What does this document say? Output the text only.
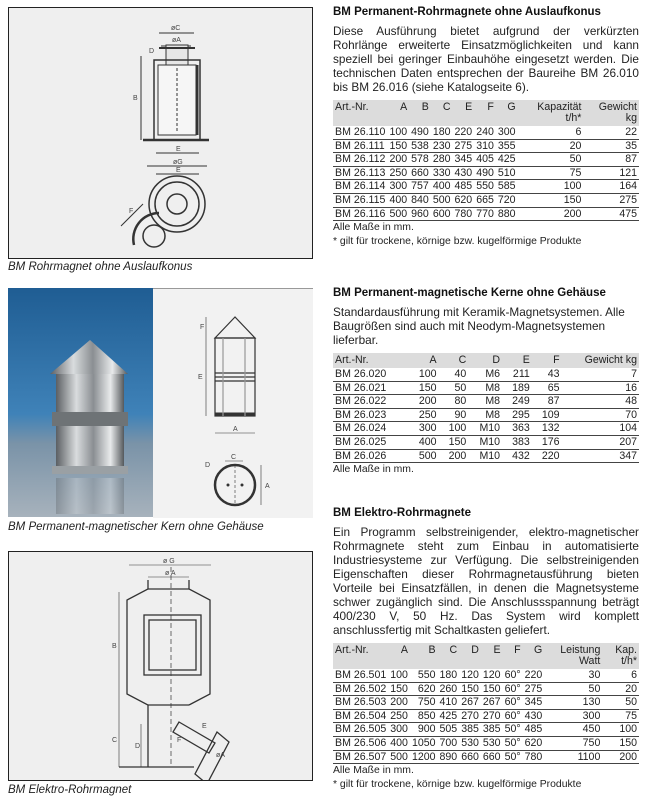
øC
øA
B
D
E
øG
E
F
BM Rohrmagnet ohne Auslaufkonus
F
E
A
C
D
A
BM Permanent-magnetischer Kern ohne Gehäuse
ø G
ø A
B
C
D
E
F
øA
BM Elektro-Rohrmagnet
BM Permanent-Rohrmagnete ohne Auslaufkonus

Diese Ausführung bietet aufgrund der verkürzten Rohrlänge erweiterte Einsatzmöglichkeiten und kann speziell bei geringer Einbauhöhe eingesetzt werden. Die technischen Daten entsprechen der Baureihe BM 26.010 bis BM 26.016 (siehe Katalogseite 6).

Art.-Nr.	A	B	C	E	F	G	Kapazität t/h*	Gewicht kg
BM 26.110	100	490	180	220	240	300	6	22
BM 26.111	150	538	230	275	310	355	20	35
BM 26.112	200	578	280	345	405	425	50	87
BM 26.113	250	660	330	430	490	510	75	121
BM 26.114	300	757	400	485	550	585	100	164
BM 26.115	400	840	500	620	665	720	150	275
BM 26.116	500	960	600	780	770	880	200	475
Alle Maße in mm.
* gilt für trockene, körnige bzw. kugelförmige Produkte
BM Permanent-magnetische Kerne ohne Gehäuse

Standardausführung mit Keramik-Magnetsystemen. Alle Baugrößen sind auch mit Neodym-Magnetsystemen lieferbar.

Art.-Nr.	A	C	D	E	F	Gewicht kg
BM 26.020	100	40	M6	211	43	7
BM 26.021	150	50	M8	189	65	16
BM 26.022	200	80	M8	249	87	48
BM 26.023	250	90	M8	295	109	70
BM 26.024	300	100	M10	363	132	104
BM 26.025	400	150	M10	383	176	207
BM 26.026	500	200	M10	432	220	347
Alle Maße in mm.
BM Elektro-Rohrmagnete

Ein Programm selbstreinigender, elektro-magnetischer Rohrmagnete steht zum Einbau in automatisierte Industriesysteme zur Verfügung. Die selbstreinigenden Eigenschaften dieser Rohrmagnetausführung bieten Vorteile bei Einsatzfällen, in denen die Magnetsysteme schwer zugänglich sind. Die Anschlussspannung beträgt 400/230 V, 50 Hz. Das System wird komplett anschlussfertig mit Schaltkasten geliefert.

Art.-Nr.	A	B	C	D	E	F	G	Leistung Watt	Kap. t/h*
BM 26.501	100	550	180	120	120	60°	220	30	6
BM 26.502	150	620	260	150	150	60°	275	50	20
BM 26.503	200	750	410	267	267	60°	345	130	50
BM 26.504	250	850	425	270	270	60°	430	300	75
BM 26.505	300	900	505	385	385	50°	485	450	100
BM 26.506	400	1050	700	530	530	50°	620	750	150
BM 26.507	500	1200	890	660	660	50°	780	1100	200
Alle Maße in mm.
* gilt für trockene, körnige bzw. kugelförmige Produkte
